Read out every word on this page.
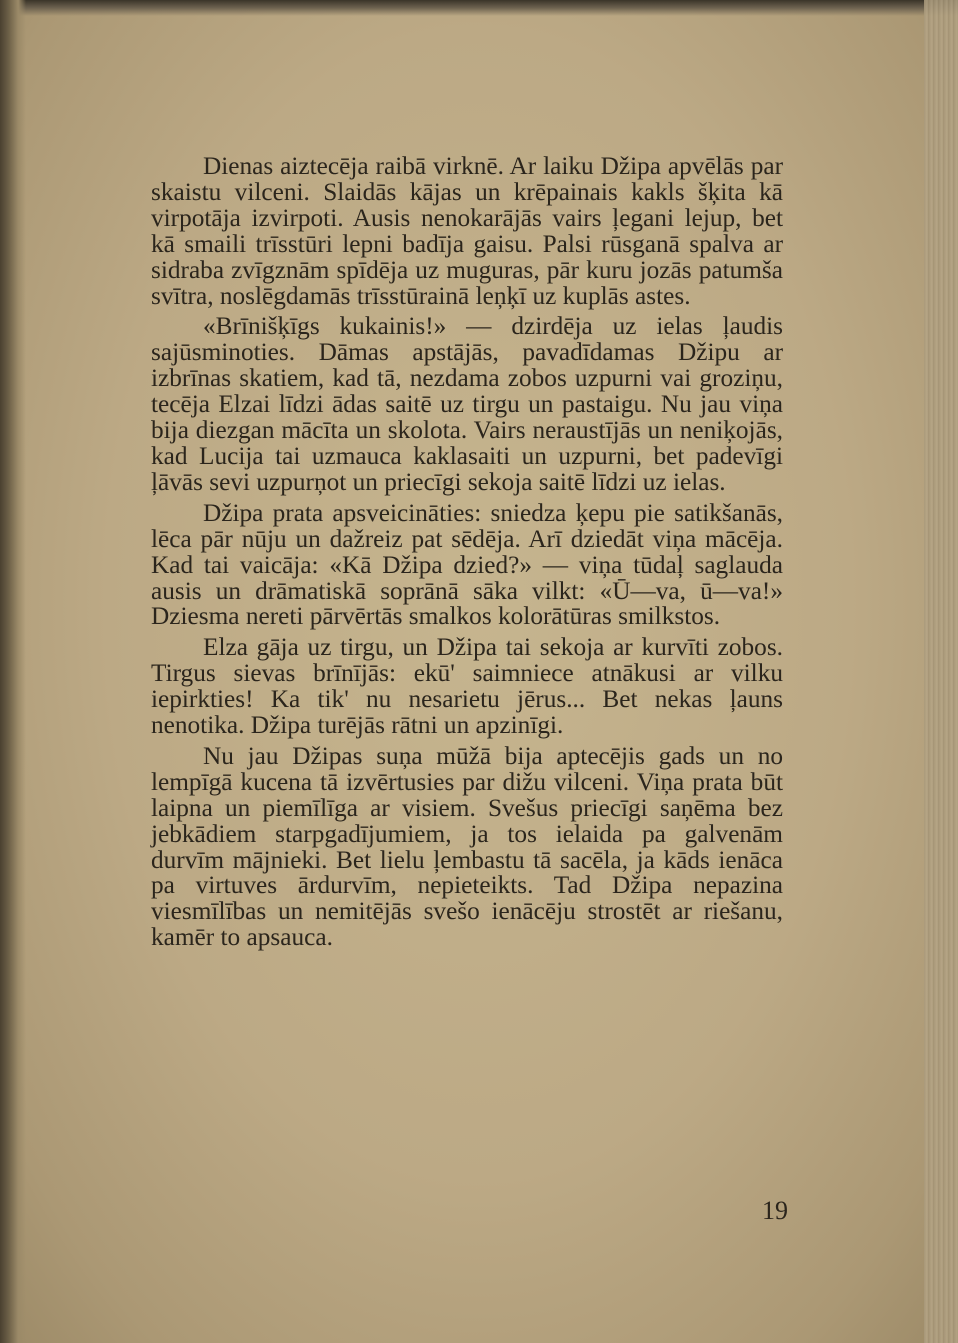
Dienas aiztecēja raibā virknē. Ar laiku Džipa apvēlās par skaistu vilceni. Slaidās kājas un krēpainais kakls šķita kā virpotāja izvirpoti. Ausis nenokarājās vairs ļegani lejup, bet kā smaili trīsstūri lepni badīja gaisu. Palsi rūsganā spalva ar sidraba zvīgznām spīdēja uz muguras, pār kuru jozās patumša svītra, noslēgdamās trīsstūrainā leņķī uz kuplās astes.

«Brīnišķīgs kukainis!» — dzirdēja uz ielas ļaudis sajūsminoties. Dāmas apstājās, pavadīdamas Džipu ar izbrīnas skatiem, kad tā, nezdama zobos uzpurni vai groziņu, tecēja Elzai līdzi ādas saitē uz tirgu un pastaigu. Nu jau viņa bija diezgan mācīta un skolota. Vairs neraustījās un neniķojās, kad Lucija tai uzmauca kaklasaiti un uzpurni, bet padevīgi ļāvās sevi uzpurņot un priecīgi sekoja saitē līdzi uz ielas.

Džipa prata apsveicināties: sniedza ķepu pie satikšanās, lēca pār nūju un dažreiz pat sēdēja. Arī dziedāt viņa mācēja. Kad tai vaicāja: «Kā Džipa dzied?» — viņa tūdaļ saglauda ausis un drāmatiskā soprānā sāka vilkt: «Ū—va, ū—va!» Dziesma nereti pārvērtās smalkos kolorātūras smilkstos.

Elza gāja uz tirgu, un Džipa tai sekoja ar kurvīti zobos. Tirgus sievas brīnījās: ekū' saimniece atnākusi ar vilku iepirkties! Ka tik' nu nesarietu jērus... Bet nekas ļauns nenotika. Džipa turējās rātni un apzinīgi.

Nu jau Džipas suņa mūžā bija aptecējis gads un no lempīgā kucena tā izvērtusies par dižu vilceni. Viņa prata būt laipna un piemīlīga ar visiem. Svešus priecīgi saņēma bez jebkādiem starpgadījumiem, ja tos ielaida pa galvenām durvīm mājnieki. Bet lielu ļembastu tā sacēla, ja kāds ienāca pa virtuves ārdurvīm, nepieteikts. Tad Džipa nepazina viesmīlības un nemitējās svešo ienācēju strostēt ar riešanu, kamēr to apsauca.

19
